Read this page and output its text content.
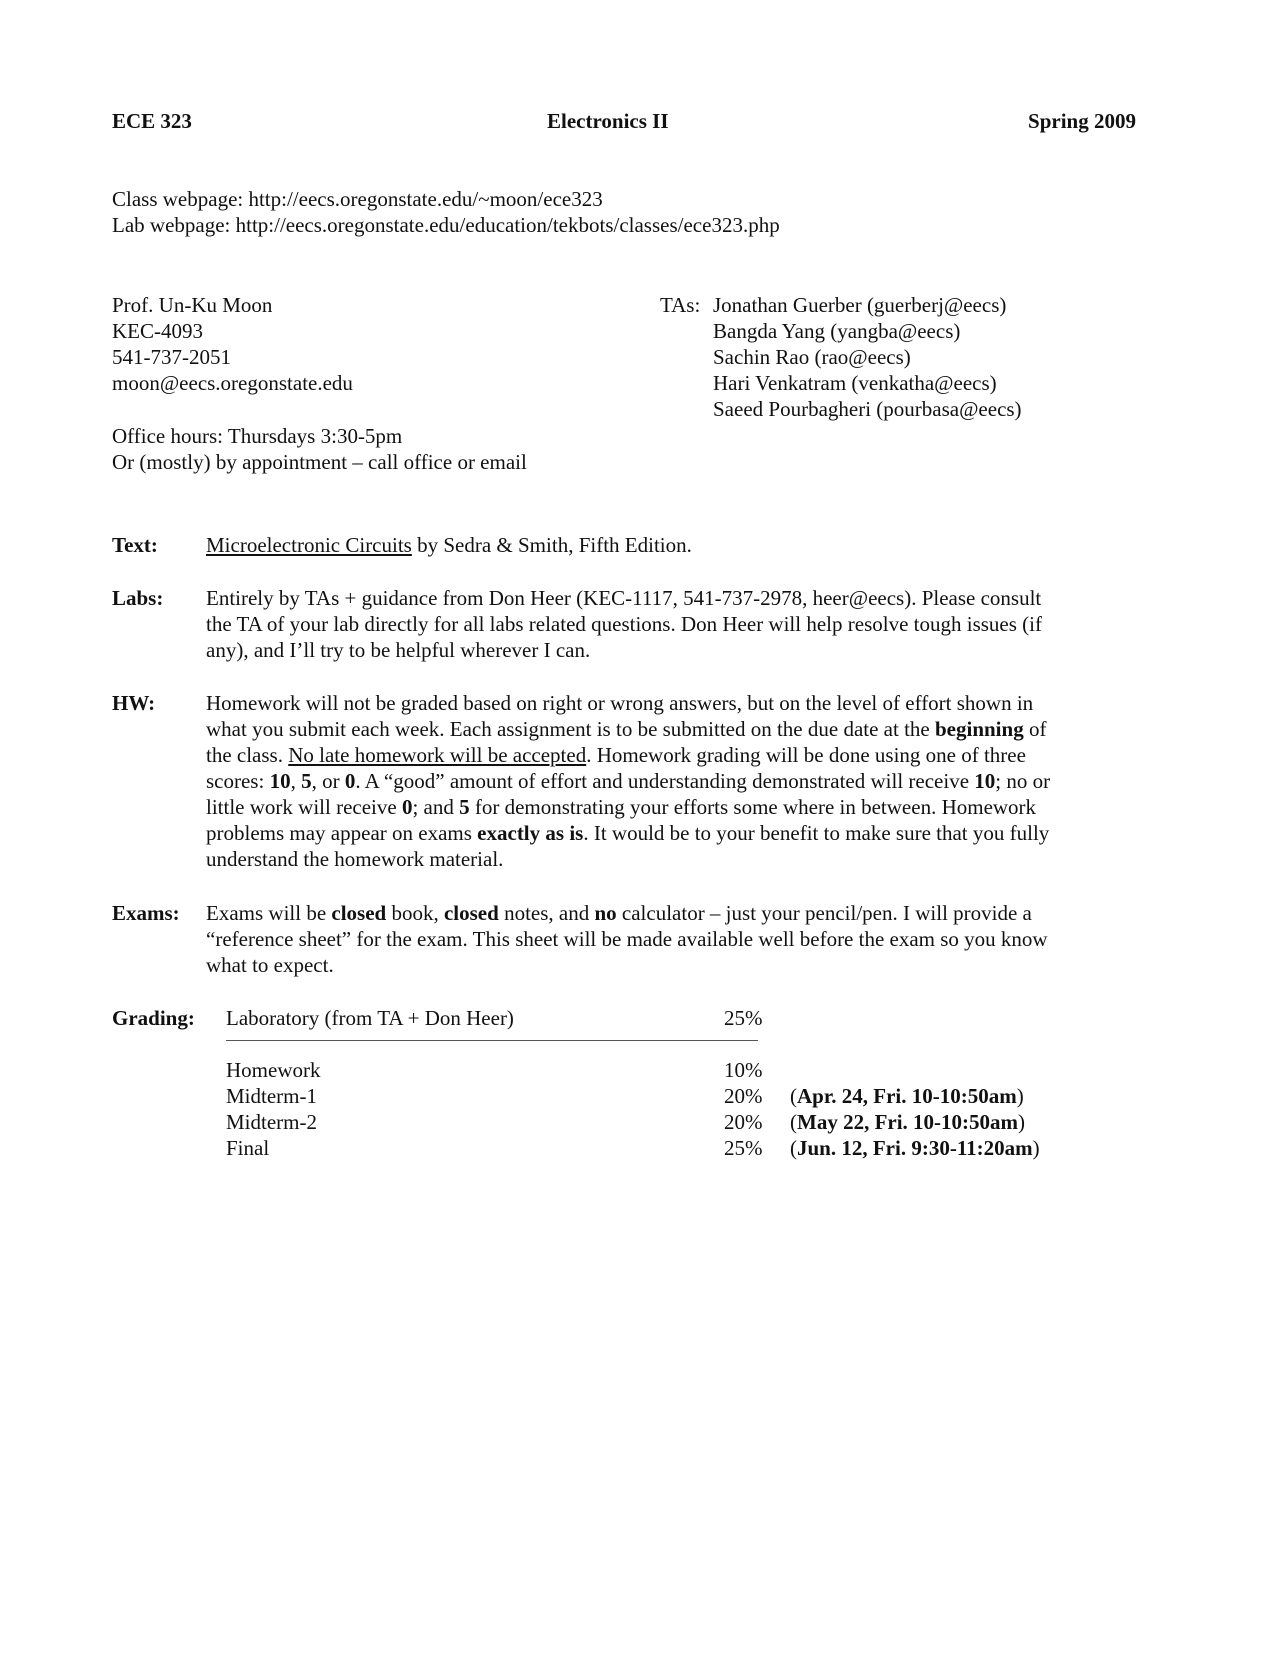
ECE 323	Electronics II	Spring 2009
Class webpage: http://eecs.oregonstate.edu/~moon/ece323
Lab webpage: http://eecs.oregonstate.edu/education/tekbots/classes/ece323.php
Prof. Un-Ku Moon
KEC-4093
541-737-2051
moon@eecs.oregonstate.edu
Office hours: Thursdays 3:30-5pm
Or (mostly) by appointment – call office or email
TAs: Jonathan Guerber (guerberj@eecs)
Bangda Yang (yangba@eecs)
Sachin Rao (rao@eecs)
Hari Venkatram (venkatha@eecs)
Saeed Pourbagheri (pourbasa@eecs)
Text: Microelectronic Circuits by Sedra & Smith, Fifth Edition.
Labs: Entirely by TAs + guidance from Don Heer (KEC-1117, 541-737-2978, heer@eecs). Please consult
the TA of your lab directly for all labs related questions. Don Heer will help resolve tough issues (if
any), and I’ll try to be helpful wherever I can.
HW: Homework will not be graded based on right or wrong answers, but on the level of effort shown in
what you submit each week. Each assignment is to be submitted on the due date at the beginning of
the class. No late homework will be accepted. Homework grading will be done using one of three
scores: 10, 5, or 0. A “good” amount of effort and understanding demonstrated will receive 10; no or
little work will receive 0; and 5 for demonstrating your efforts some where in between. Homework
problems may appear on exams exactly as is. It would be to your benefit to make sure that you fully
understand the homework material.
Exams: Exams will be closed book, closed notes, and no calculator – just your pencil/pen. I will provide a
“reference sheet” for the exam. This sheet will be made available well before the exam so you know
what to expect.
Grading: Laboratory (from TA + Don Heer)	25%
Homework	10%
Midterm-1	20% (Apr. 24, Fri. 10-10:50am)
Midterm-2	20% (May 22, Fri. 10-10:50am)
Final	25% (Jun. 12, Fri. 9:30-11:20am)
